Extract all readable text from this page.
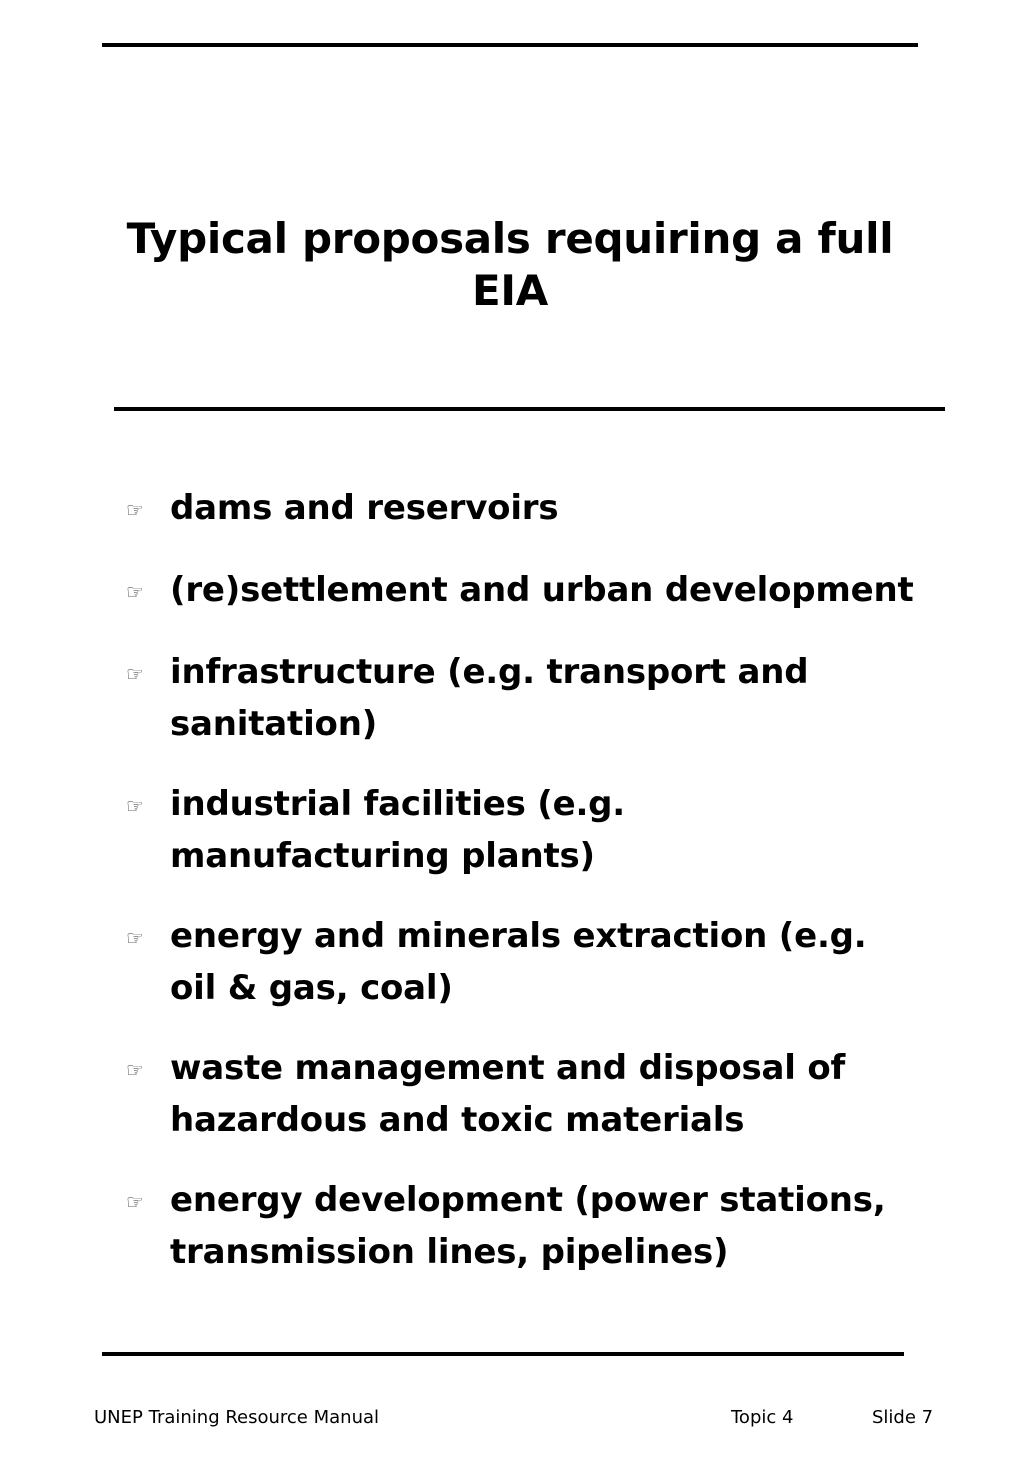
Typical proposals requiring a full EIA
☞ dams and reservoirs
☞ (re)settlement and urban development
☞ infrastructure (e.g. transport and sanitation)
☞ industrial facilities (e.g. manufacturing plants)
☞ energy and minerals extraction (e.g. oil & gas, coal)
☞ waste management and disposal of hazardous and toxic materials
☞ energy development (power stations, transmission lines, pipelines)
UNEP Training Resource Manual	Topic 4	Slide 7
